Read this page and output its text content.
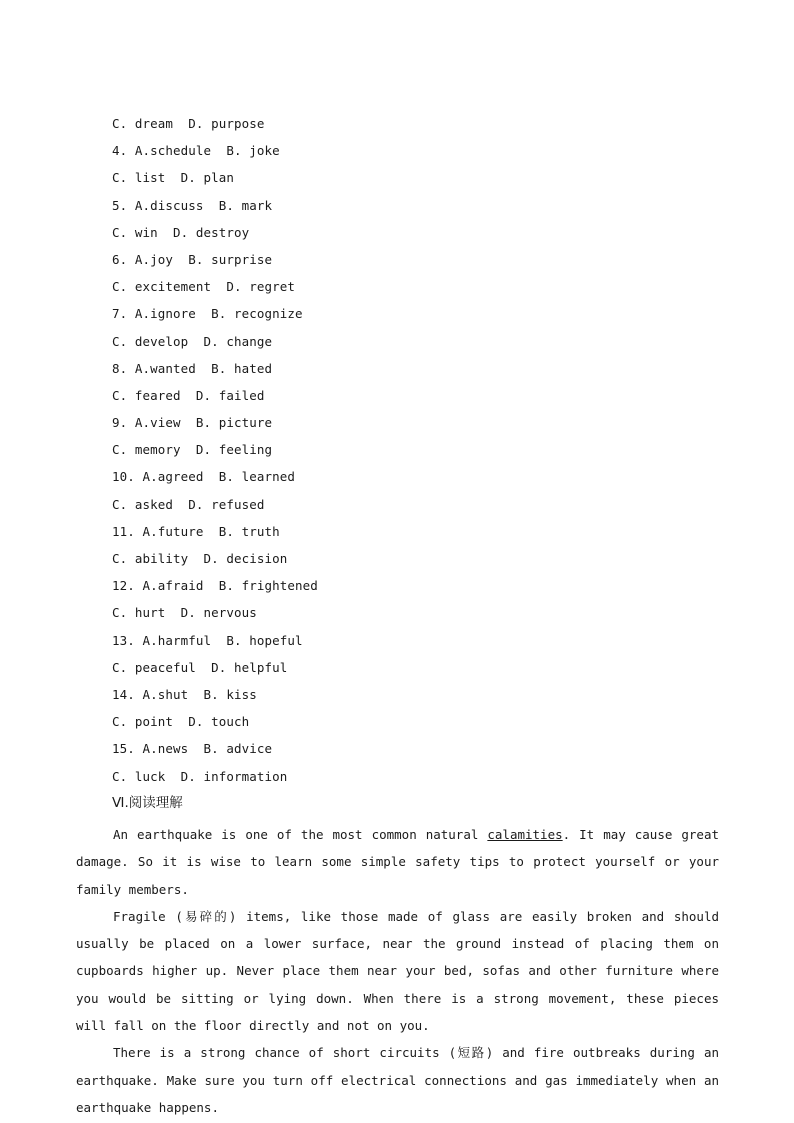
C. dream  D. purpose
4. A.schedule  B. joke
C. list  D. plan
5. A.discuss  B. mark
C. win  D. destroy
6. A.joy  B. surprise
C. excitement  D. regret
7. A.ignore  B. recognize
C. develop  D. change
8. A.wanted  B. hated
C. feared  D. failed
9. A.view  B. picture
C. memory  D. feeling
10. A.agreed  B. learned
C. asked  D. refused
11. A.future  B. truth
C. ability  D. decision
12. A.afraid  B. frightened
C. hurt  D. nervous
13. A.harmful  B. hopeful
C. peaceful  D. helpful
14. A.shut  B. kiss
C. point  D. touch
15. A.news  B. advice
C. luck  D. information
Ⅵ.阅读理解

An earthquake is one of the most common natural calamities. It may cause great damage. So it is wise to learn some simple safety tips to protect yourself or your family members.

Fragile (易碎的) items, like those made of glass are easily broken and should usually be placed on a lower surface, near the ground instead of placing them on cupboards higher up. Never place them near your bed, sofas and other furniture where you would be sitting or lying down. When there is a strong movement, these pieces will fall on the floor directly and not on you.

There is a strong chance of short circuits (短路) and fire outbreaks during an earthquake. Make sure you turn off electrical connections and gas immediately when an earthquake happens.
